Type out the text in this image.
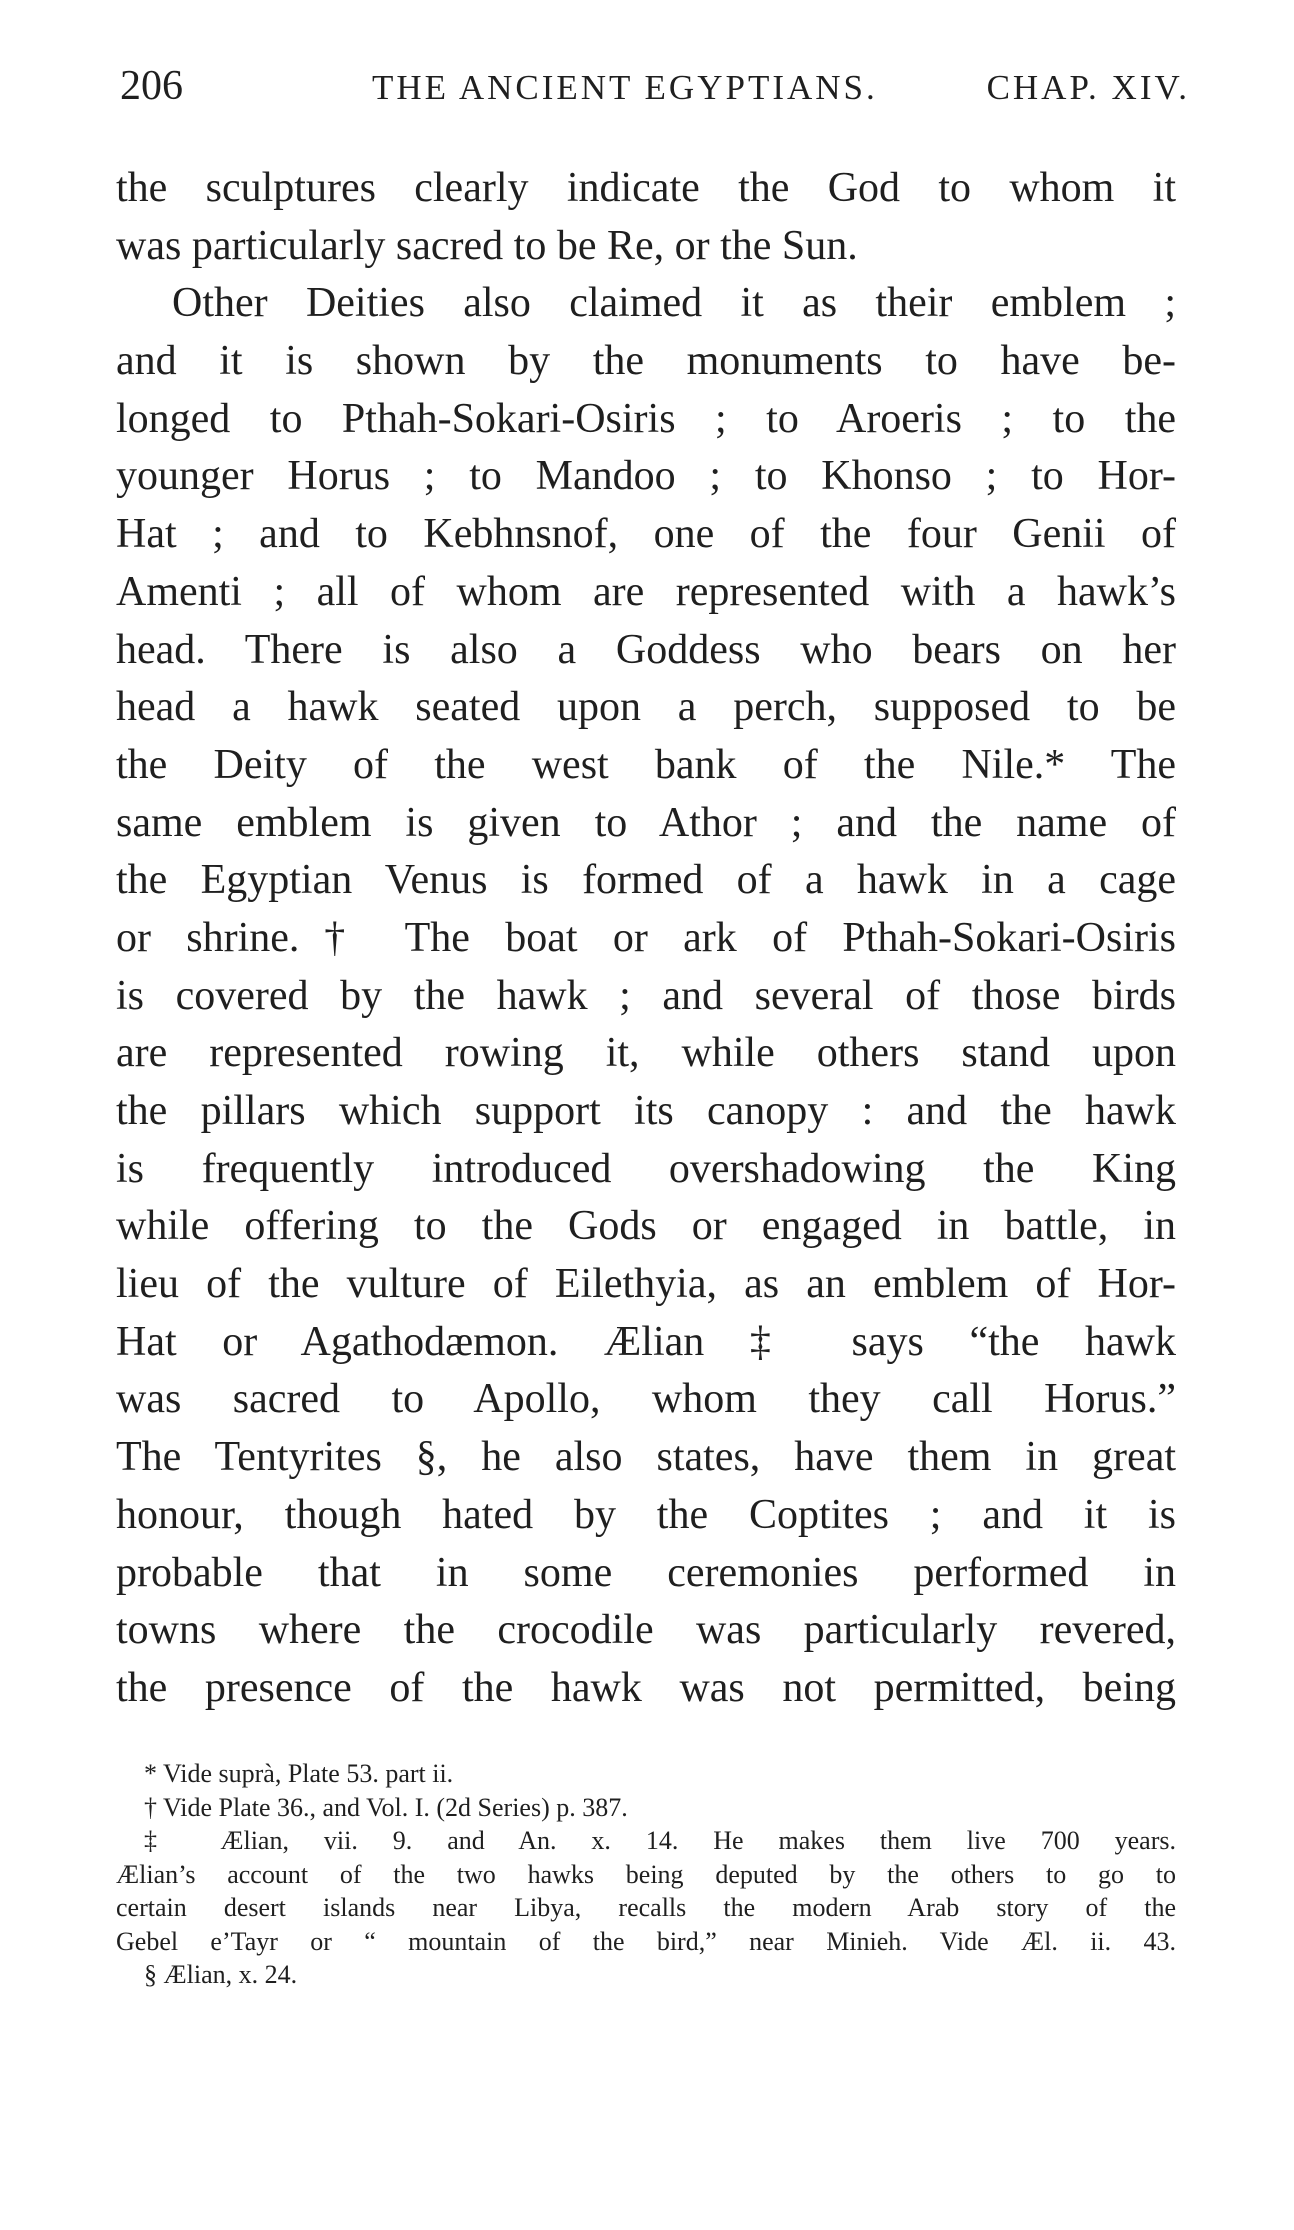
206	THE ANCIENT EGYPTIANS.	CHAP. XIV.
the sculptures clearly indicate the God to whom it
was particularly sacred to be Re, or the Sun.
Other Deities also claimed it as their emblem ;
and it is shown by the monuments to have be-
longed to Pthah-Sokari-Osiris ; to Aroeris ; to the
younger Horus ; to Mandoo ; to Khonso ; to Hor-
Hat ; and to Kebhnsnof, one of the four Genii of
Amenti ; all of whom are represented with a hawk’s
head. There is also a Goddess who bears on her
head a hawk seated upon a perch, supposed to be
the Deity of the west bank of the Nile.* The
same emblem is given to Athor ; and the name of
the Egyptian Venus is formed of a hawk in a cage
or shrine.† The boat or ark of Pthah-Sokari-Osiris
is covered by the hawk ; and several of those birds
are represented rowing it, while others stand upon
the pillars which support its canopy : and the hawk
is frequently introduced overshadowing the King
while offering to the Gods or engaged in battle, in
lieu of the vulture of Eilethyia, as an emblem of Hor-
Hat or Agathodæmon. Ælian ‡ says “the hawk
was sacred to Apollo, whom they call Horus.”
The Tentyrites §, he also states, have them in great
honour, though hated by the Coptites ; and it is
probable that in some ceremonies performed in
towns where the crocodile was particularly revered,
the presence of the hawk was not permitted, being
* Vide suprà, Plate 53. part ii.
† Vide Plate 36., and Vol. I. (2d Series) p. 387.
‡ Ælian, vii. 9. and An. x. 14. He makes them live 700 years.
Ælian’s account of the two hawks being deputed by the others to go to
certain desert islands near Libya, recalls the modern Arab story of the
Gebel e’Tayr or “ mountain of the bird,” near Minieh. Vide Æl. ii. 43.
§ Ælian, x. 24.
